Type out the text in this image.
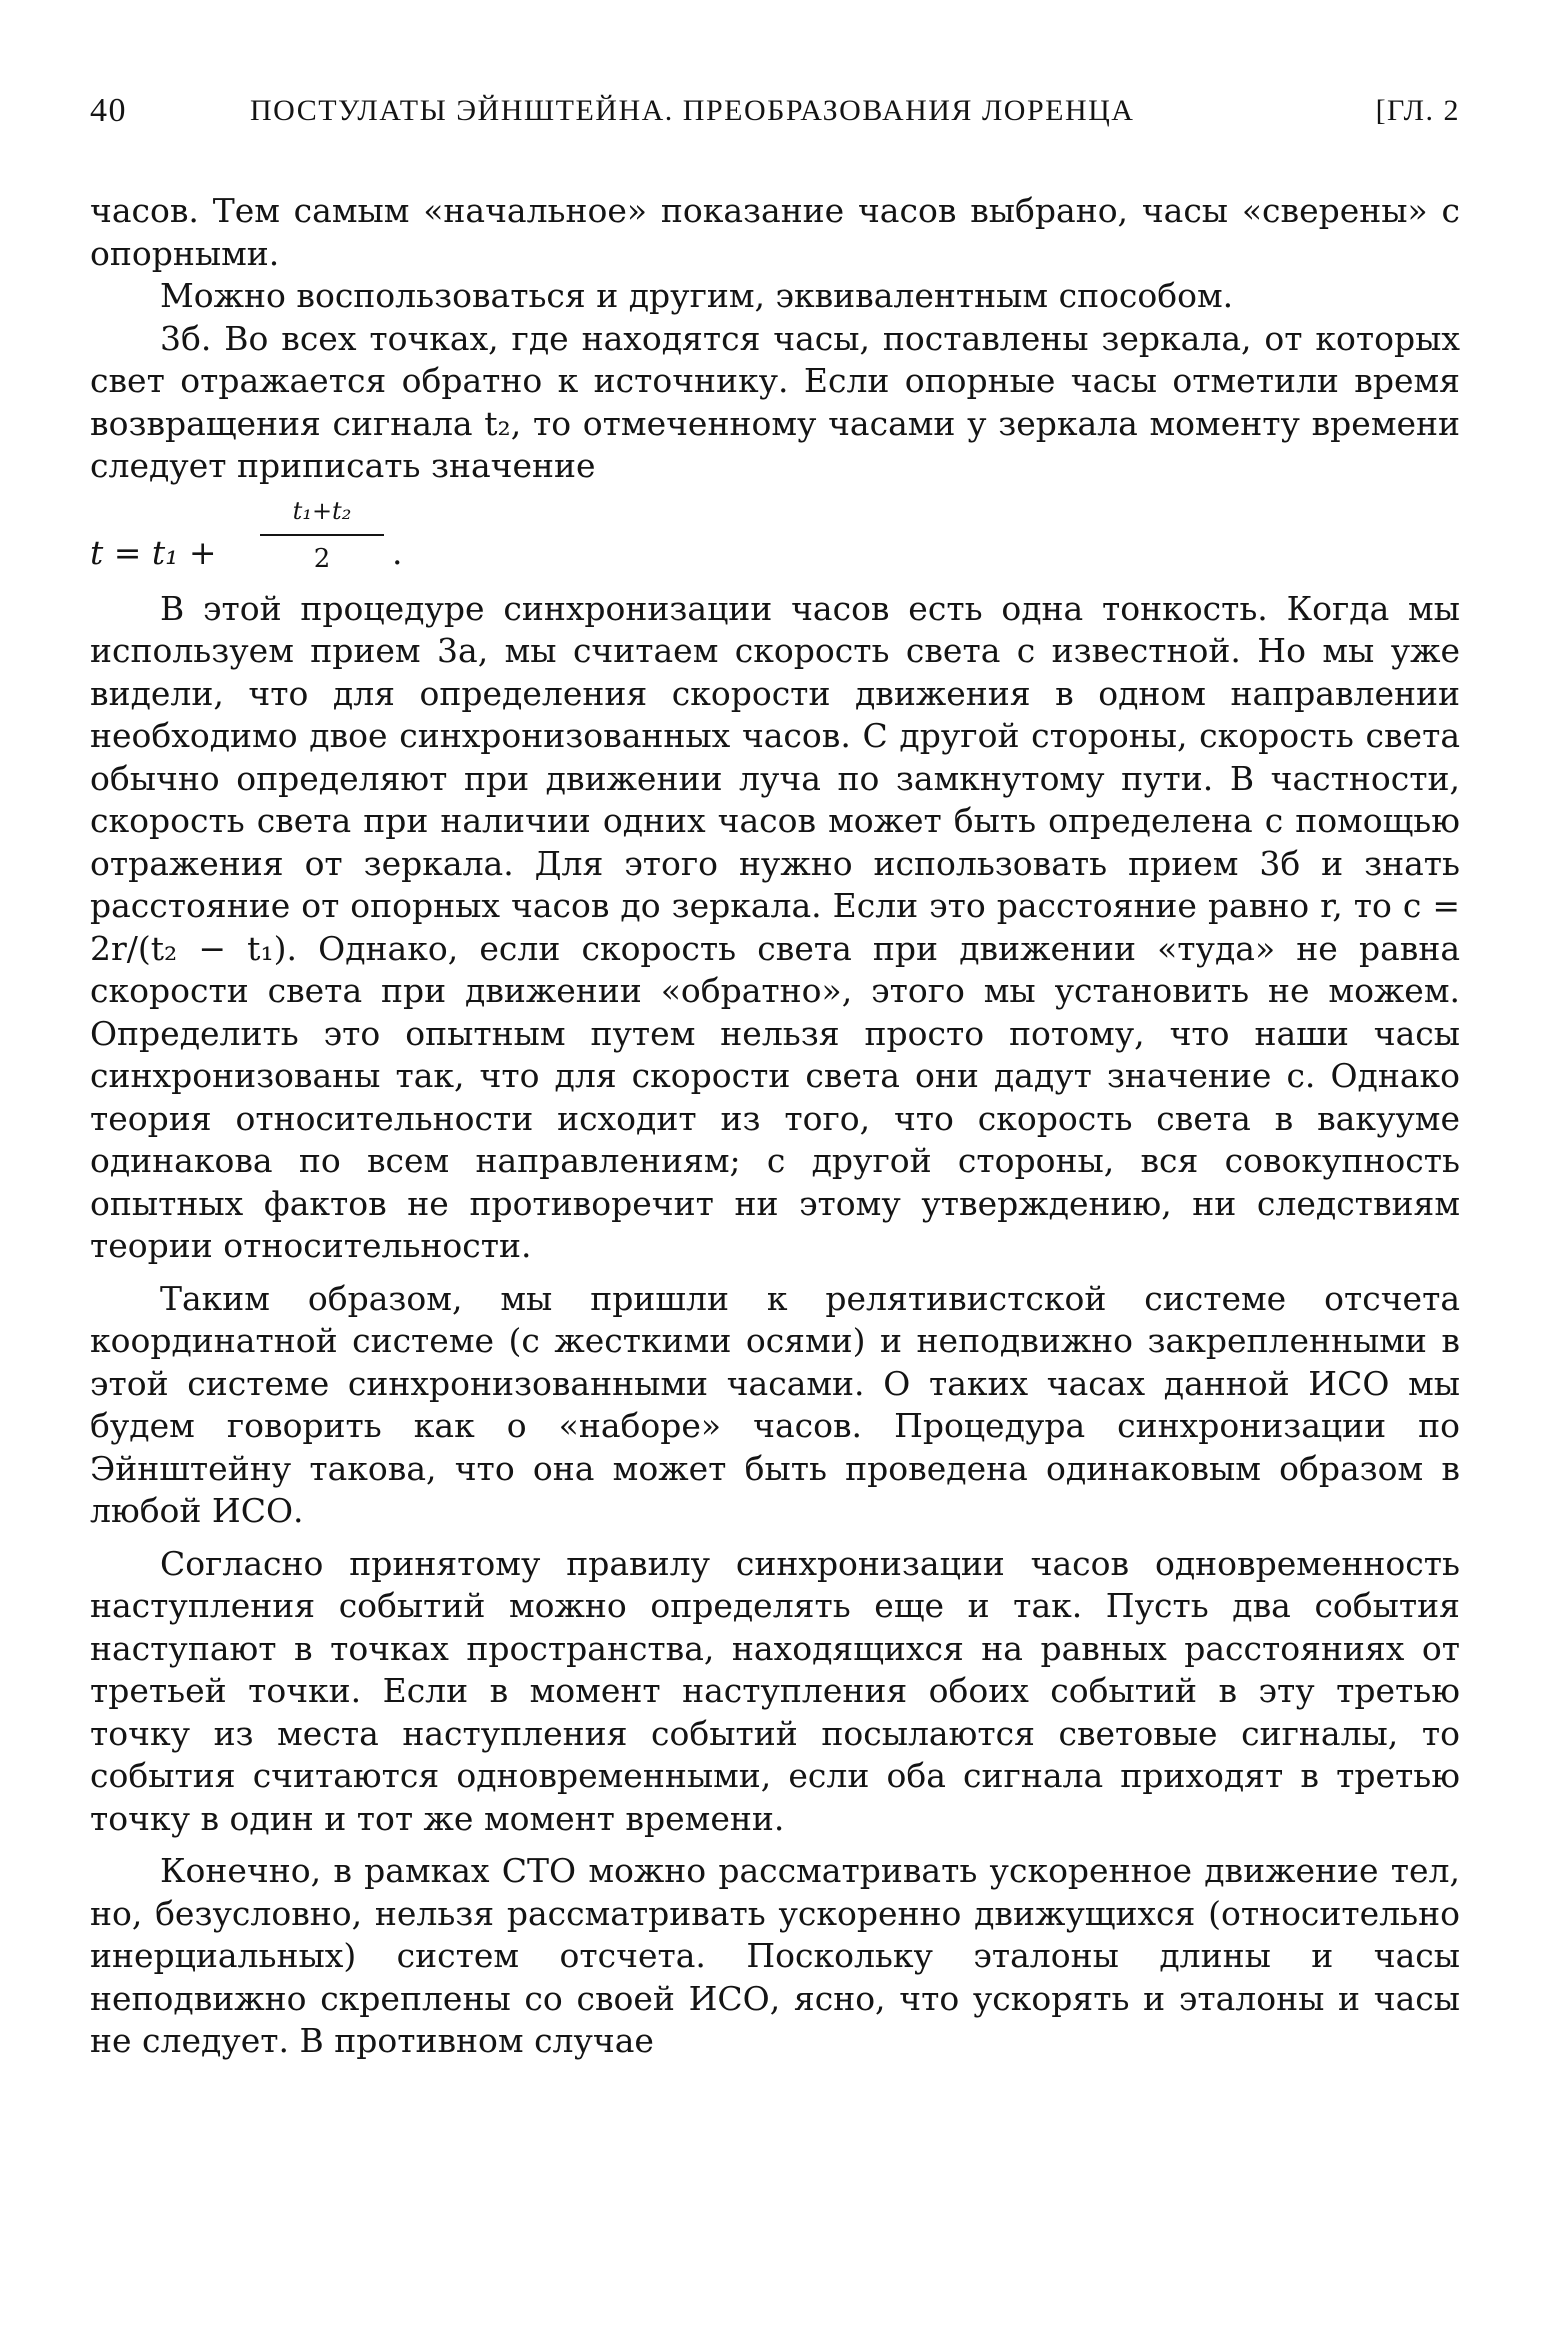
40	ПОСТУЛАТЫ ЭЙНШТЕЙНА. ПРЕОБРАЗОВАНИЯ ЛОРЕНЦА	[ГЛ. 2

часов. Тем самым «начальное» показание часов выбрано, часы «сверены» с опорными.

Можно воспользоваться и другим, эквивалентным способом.

3б. Во всех точках, где находятся часы, поставлены зеркала, от которых свет отражается обратно к источнику. Если опорные часы отметили время возвращения сигнала t₂, то отмеченному часами у зеркала моменту времени следует приписать значение

$t = t_1 + \frac{\text{t₁+t₂}}{2}$ .

В этой процедуре синхронизации часов есть одна тонкость. Когда мы используем прием 3а, мы считаем скорость света c известной. Но мы уже видели, что для определения скорости движения в одном направлении необходимо двое синхронизованных часов. С другой стороны, скорость света обычно определяют при движении луча по замкнутому пути. В частности, скорость света при наличии одних часов может быть определена с помощью отражения от зеркала. Для этого нужно использовать прием 3б и знать расстояние от опорных часов до зеркала. Если это расстояние равно r, то c = 2r/(t₂ − t₁). Однако, если скорость света при движении «туда» не равна скорости света при движении «обратно», этого мы установить не можем. Определить это опытным путем нельзя просто потому, что наши часы синхронизованы так, что для скорости света они дадут значение c. Однако теория относительности исходит из того, что скорость света в вакууме одинакова по всем направлениям; с другой стороны, вся совокупность опытных фактов не противоречит ни этому утверждению, ни следствиям теории относительности.

Таким образом, мы пришли к релятивистской системе отсчета координатной системе (с жесткими осями) и неподвижно закрепленными в этой системе синхронизованными часами. О таких часах данной ИСО мы будем говорить как о «наборе» часов. Процедура синхронизации по Эйнштейну такова, что она может быть проведена одинаковым образом в любой ИСО.

Согласно принятому правилу синхронизации часов одновременность наступления событий можно определять еще и так. Пусть два события наступают в точках пространства, находящихся на равных расстояниях от третьей точки. Если в момент наступления обоих событий в эту третью точку из места наступления событий посылаются световые сигналы, то события считаются одновременными, если оба сигнала приходят в третью точку в один и тот же момент времени.

Конечно, в рамках СТО можно рассматривать ускоренное движение тел, но, безусловно, нельзя рассматривать ускоренно движущихся (относительно инерциальных) систем отсчета. Поскольку эталоны длины и часы неподвижно скреплены со своей ИСО, ясно, что ускорять и эталоны и часы не следует. В противном случае
